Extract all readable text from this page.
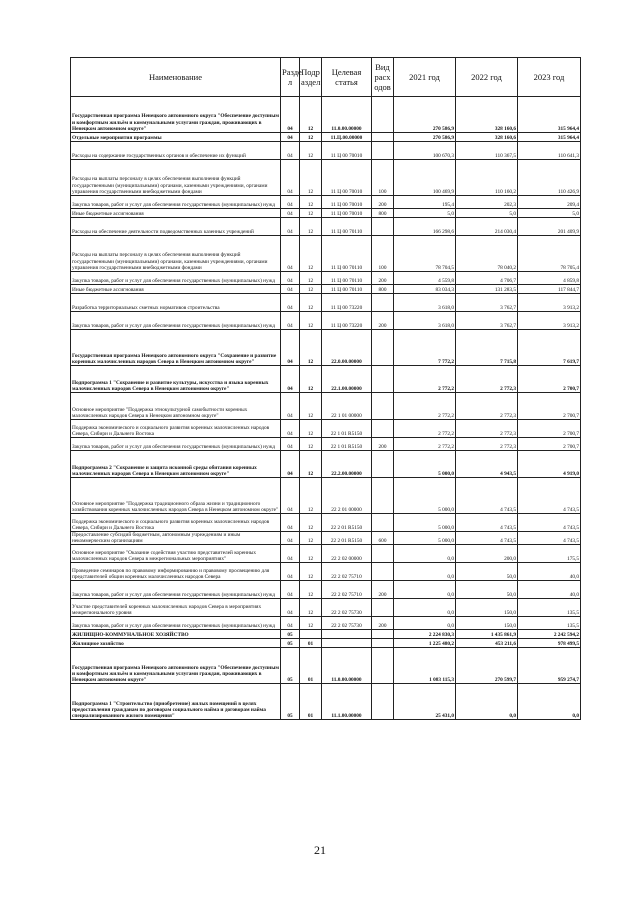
Наименование	Разде л	Подр аздел	Целевая статья	Вид расх одов	2021 год	2022 год	2023 год
Государственная программа Ненецкого автономного округа "Обеспечение доступным и комфортным жильём и коммунальными услугами граждан, проживающих в Ненецком автономном округе"	04	12	11.0.00.00000		270 586,9	328 160,6	315 964,4
Отдельные мероприятия программы	04	12	11.Ц.00.00000		270 586,9	328 160,6	315 964,4
Расходы на содержание государственных органов и обеспечение их функций	04	12	11 Ц 00 70010		100 670,3	110 367,5	110 641,3
Расходы на выплаты персоналу в целях обеспечения выполнения функций государственными (муниципальными) органами, казенными учреждениями, органами управления государственными внебюджетными фондами	04	12	11 Ц 00 70010	100	100 469,9	110 160,2	110 426,9
Закупка товаров, работ и услуг для обеспечения государственных (муниципальных) нужд	04	12	11 Ц 00 70010	200	195,4	202,3	209,4
Иные бюджетные ассигнования	04	12	11 Ц 00 70010	800	5,0	5,0	5,0
Расходы на обеспечение деятельности подведомственных казенных учреждений	04	12	11 Ц 00 70110		166 298,6	214 030,4	201 409,9
Расходы на выплаты персоналу в целях обеспечения выполнения функций государственными (муниципальными) органами, казенными учреждениями, органами управления государственными внебюджетными фондами	04	12	11 Ц 00 70110	100	78 704,5	78 040,2	78 705,4
Закупка товаров, работ и услуг для обеспечения государственных (муниципальных) нужд	04	12	11 Ц 00 70110	200	4 559,8	4 706,7	4 859,8
Иные бюджетные ассигнования	04	12	11 Ц 00 70110	800	83 034,3	131 283,5	117 844,7
Разработка территориальных сметных нормативов строительства	04	12	11 Ц 00 73220		3 618,0	3 762,7	3 913,2
Закупка товаров, работ и услуг для обеспечения государственных (муниципальных) нужд	04	12	11 Ц 00 73220	200	3 618,0	3 762,7	3 913,2
Государственная программа Ненецкого автономного округа "Сохранение и развитие коренных малочисленных народов Севера в Ненецком автономном округе"	04	12	22.0.00.00000		7 772,2	7 715,8	7 619,7
Подпрограмма 1 "Сохранение и развитие культуры, искусства и языка коренных малочисленных народов Севера в Ненецком автономном округе"	04	12	22.1.00.00000		2 772,2	2 772,3	2 700,7
Основное мероприятие "Поддержка этнокультурной самобытности коренных малочисленных народов Севера в Ненецком автономном округе"	04	12	22 1 01 00000		2 772,2	2 772,3	2 700,7
Поддержка экономического и социального развития коренных малочисленных народов Севера, Сибири и Дальнего Востока	04	12	22 1 01 R5150		2 772,2	2 772,3	2 700,7
Закупка товаров, работ и услуг для обеспечения государственных (муниципальных) нужд	04	12	22 1 01 R5150	200	2 772,2	2 772,3	2 700,7
Подпрограмма 2 "Сохранение и защита исконной среды обитания коренных малочисленных народов Севера в Ненецком автономном округе"	04	12	22.2.00.00000		5 000,0	4 943,5	4 919,0
Основное мероприятие "Поддержка традиционного образа жизни и традиционного хозяйствования коренных малочисленных народов Севера в Ненецком автономном округе"	04	12	22 2 01 00000		5 000,0	4 743,5	4 743,5
Поддержка экономического и социального развития коренных малочисленных народов Севера, Сибири и Дальнего Востока	04	12	22 2 01 R5150		5 000,0	4 743,5	4 743,5
Предоставление субсидий бюджетным, автономным учреждениям и иным некоммерческим организациям	04	12	22 2 01 R5150	600	5 000,0	4 743,5	4 743,5
Основное мероприятие "Оказание содействия участию представителей коренных малочисленных народов Севера в межрегиональных мероприятиях"	04	12	22 2 02 00000		0,0	200,0	175,5
Проведение семинаров по правовому информированию и правовому просвещению для представителей общин коренных малочисленных народов Севера	04	12	22 2 02 75710		0,0	50,0	40,0
Закупка товаров, работ и услуг для обеспечения государственных (муниципальных) нужд	04	12	22 2 02 75710	200	0,0	50,0	40,0
Участие представителей коренных малочисленных народов Севера в мероприятиях межрегионального уровня	04	12	22 2 02 75730		0,0	150,0	135,5
Закупка товаров, работ и услуг для обеспечения государственных (муниципальных) нужд	04	12	22 2 02 75730	200	0,0	150,0	135,5
ЖИЛИЩНО-КОММУНАЛЬНОЕ ХОЗЯЙСТВО	05				2 224 830,3	1 435 861,9	2 242 594,2
Жилищное хозяйство	05	01			1 225 480,2	453 211,6	978 499,5
Государственная программа Ненецкого автономного округа "Обеспечение доступным и комфортным жильём и коммунальными услугами граждан, проживающих в Ненецком автономном округе"	05	01	11.0.00.00000		1 083 115,3	270 599,7	959 274,7
Подпрограмма 1 "Строительство (приобретение) жилых помещений в целях предоставления гражданам по договорам социального найма и договорам найма специализированного жилого помещения"	05	01	11.1.00.00000		25 431,0	0,0	0,0
21
